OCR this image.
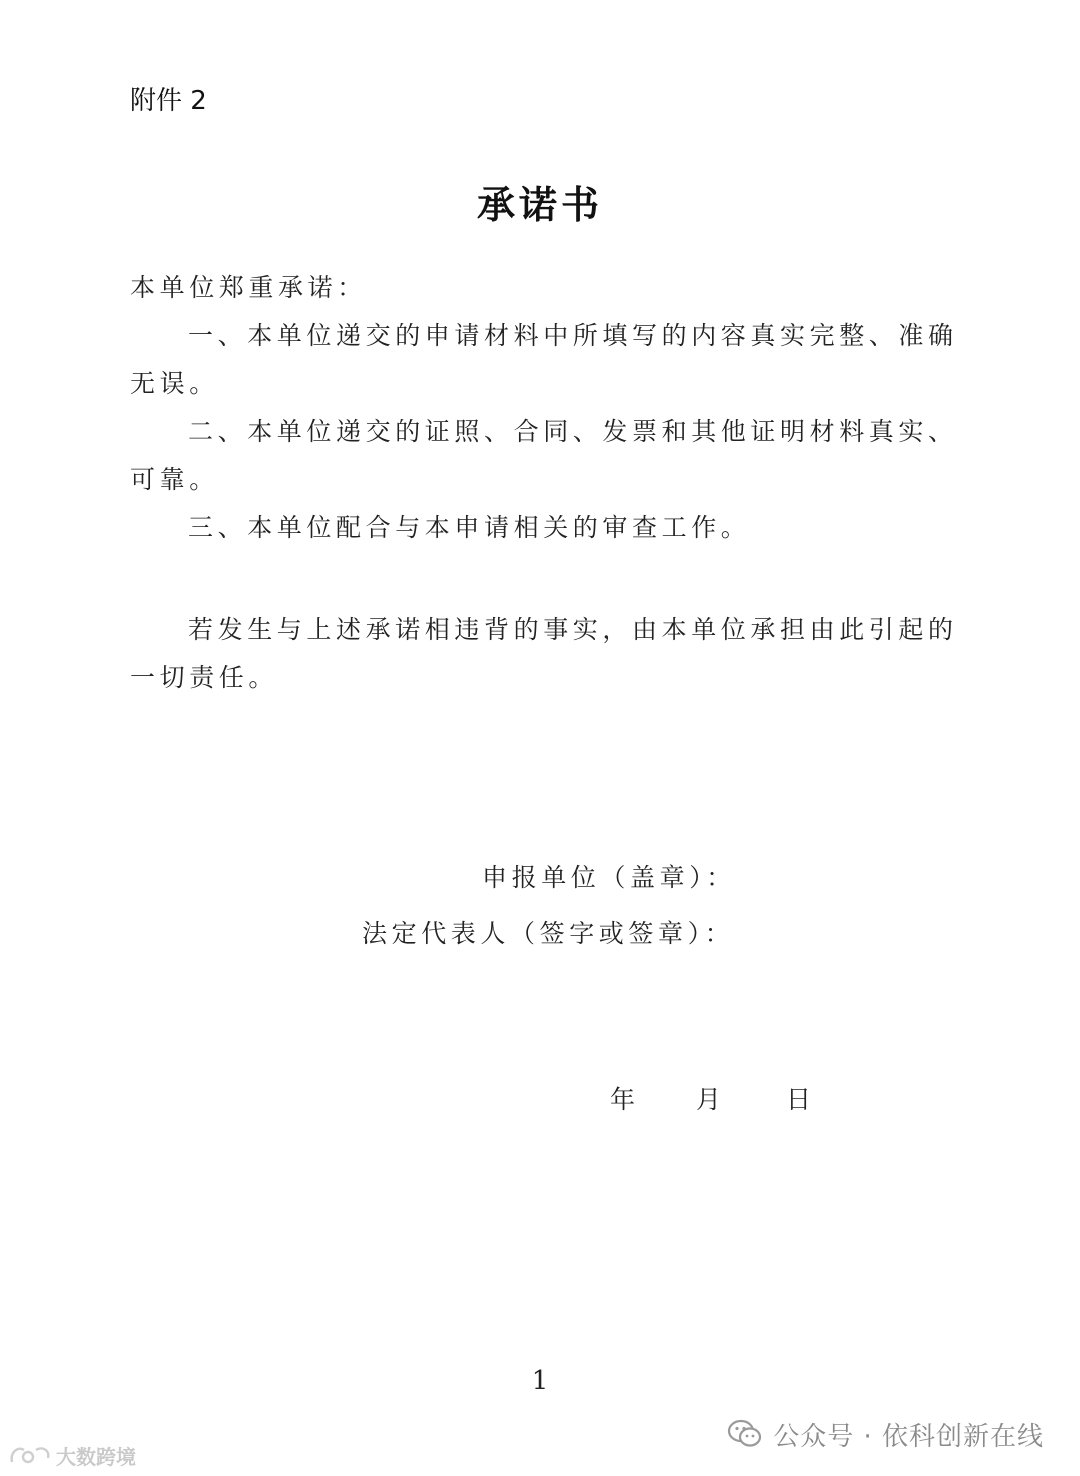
附件 2
承诺书

本单位郑重承诺：

一、本单位递交的申请材料中所填写的内容真实完整、准确无误。

二、本单位递交的证照、合同、发票和其他证明材料真实、可靠。

三、本单位配合与本申请相关的审查工作。

若发生与上述承诺相违背的事实，由本单位承担由此引起的一切责任。

申报单位（盖章）：
法定代表人（签字或签章）：
年 月	日
1
公众号 · 依科创新在线
大数跨境
